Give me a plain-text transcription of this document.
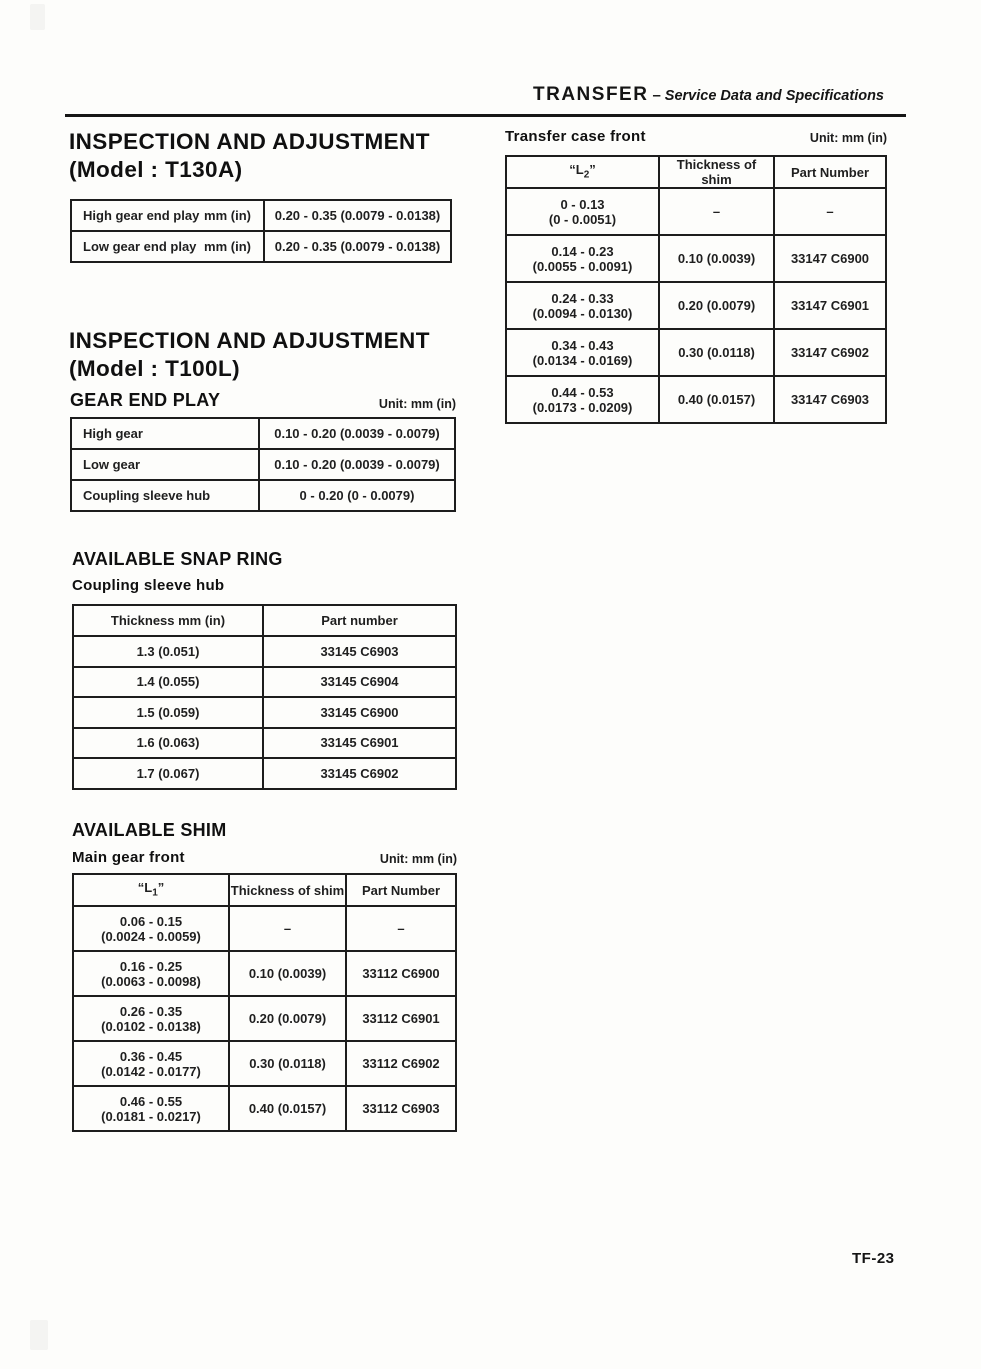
TRANSFER – Service Data and Specifications
INSPECTION AND ADJUSTMENT
(Model : T130A)
High gear end play mm (in)	0.20 - 0.35 (0.0079 - 0.0138)

Low gear end play mm (in)	0.20 - 0.35 (0.0079 - 0.0138)
INSPECTION AND ADJUSTMENT
(Model : T100L)
GEAR END PLAY	Unit: mm (in)
High gear	0.10 - 0.20 (0.0039 - 0.0079)
Low gear	0.10 - 0.20 (0.0039 - 0.0079)
Coupling sleeve hub	0 - 0.20 (0 - 0.0079)
AVAILABLE SNAP RING
Coupling sleeve hub
Thickness mm (in)	Part number
1.3 (0.051)	33145 C6903
1.4 (0.055)	33145 C6904
1.5 (0.059)	33145 C6900
1.6 (0.063)	33145 C6901
1.7 (0.067)	33145 C6902
AVAILABLE SHIM
Main gear front	Unit: mm (in)
“$L_1$”	Thickness of shim	Part Number
0.06 - 0.15
(0.0024 - 0.0059)	–	–
0.16 - 0.25
(0.0063 - 0.0098)	0.10 (0.0039)	33112 C6900
0.26 - 0.35
(0.0102 - 0.0138)	0.20 (0.0079)	33112 C6901
0.36 - 0.45
(0.0142 - 0.0177)	0.30 (0.0118)	33112 C6902
0.46 - 0.55
(0.0181 - 0.0217)	0.40 (0.0157)	33112 C6903
Transfer case front	Unit: mm (in)
“$L_2$”	Thickness of shim	Part Number
0 - 0.13
(0 - 0.0051)	–	–
0.14 - 0.23
(0.0055 - 0.0091)	0.10 (0.0039)	33147 C6900
0.24 - 0.33
(0.0094 - 0.0130)	0.20 (0.0079)	33147 C6901
0.34 - 0.43
(0.0134 - 0.0169)	0.30 (0.0118)	33147 C6902
0.44 - 0.53
(0.0173 - 0.0209)	0.40 (0.0157)	33147 C6903
TF-23
